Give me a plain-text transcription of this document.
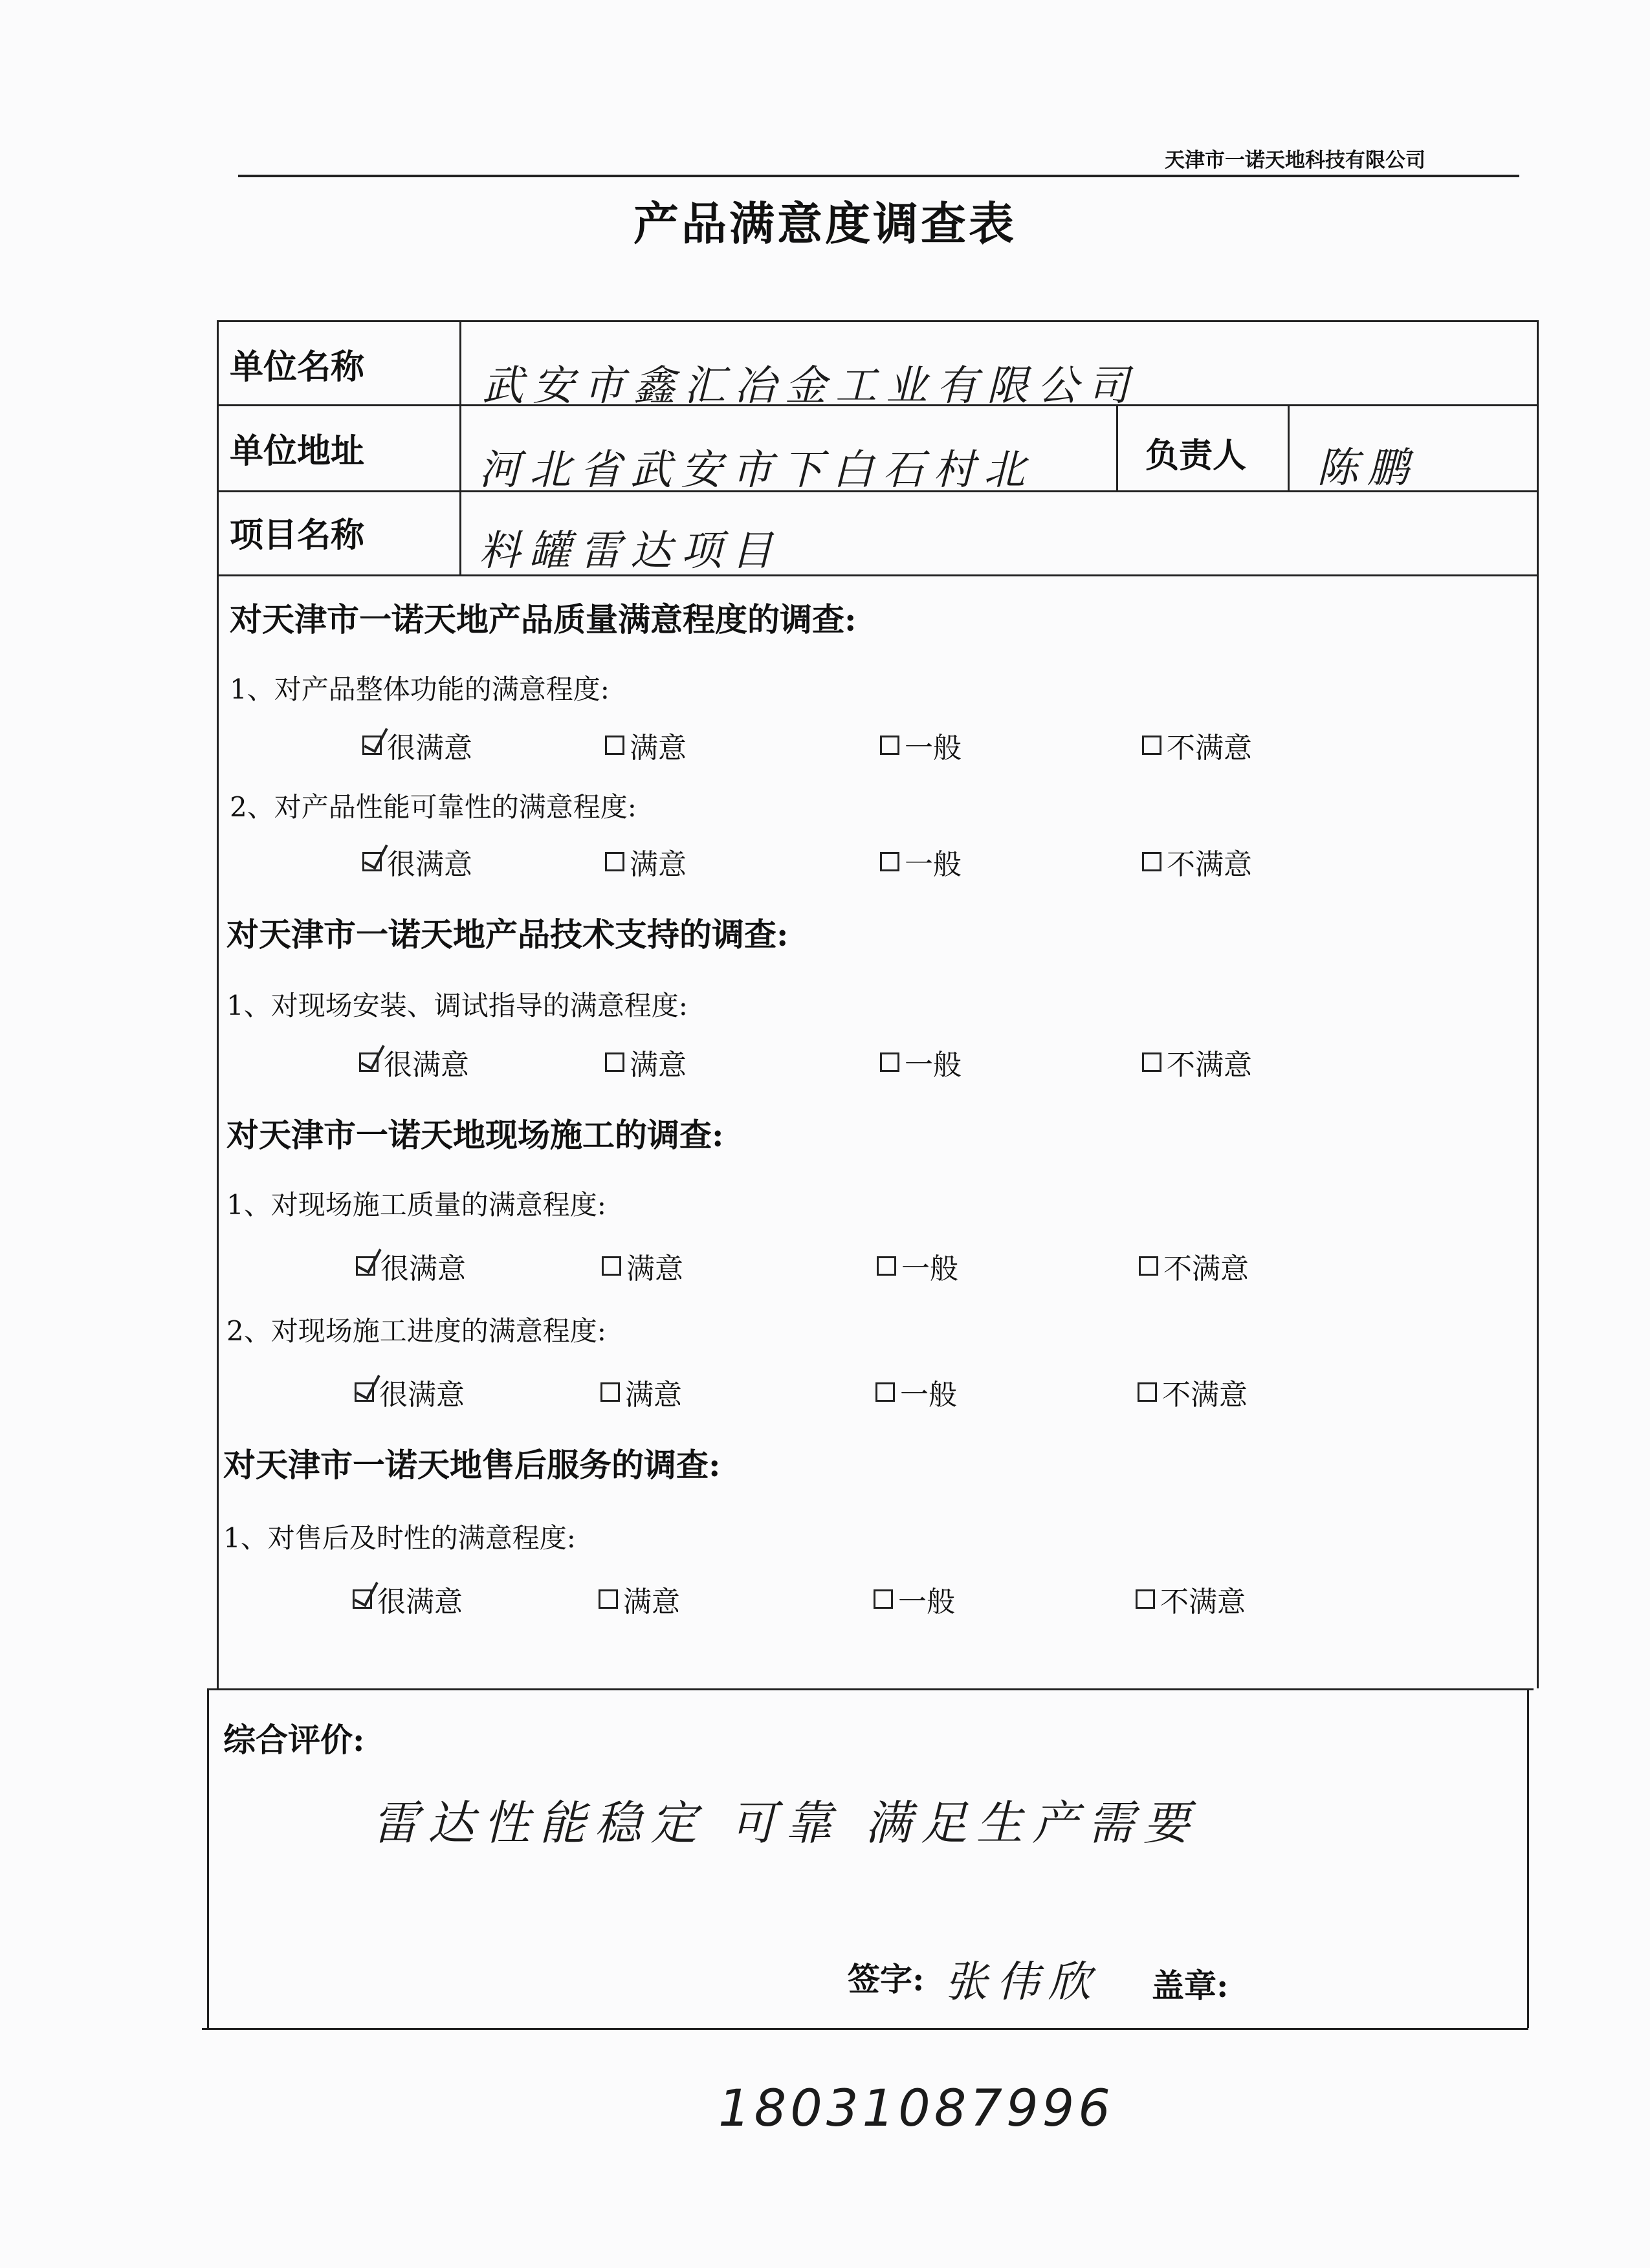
天津市一诺天地科技有限公司
产品满意度调查表
单位名称	武安市鑫汇冶金工业有限公司
单位地址	河北省武安市下白石村北	负责人 陈鹏
项目名称	料罐雷达项目
对天津市一诺天地产品质量满意程度的调查:
1、对产品整体功能的满意程度:
很满意	满意	一般	不满意
2、对产品性能可靠性的满意程度:
很满意	满意	一般	不满意
对天津市一诺天地产品技术支持的调查:
1、对现场安装、调试指导的满意程度:
很满意	满意	一般	不满意
对天津市一诺天地现场施工的调查:
1、对现场施工质量的满意程度:
很满意	满意	一般	不满意
2、对现场施工进度的满意程度:
很满意	满意	一般	不满意
对天津市一诺天地售后服务的调查:
1、对售后及时性的满意程度:
很满意	满意	一般	不满意
综合评价:
雷达性能稳定 可靠 满足生产需要
签字: 张伟欣 盖章:
18031087996
